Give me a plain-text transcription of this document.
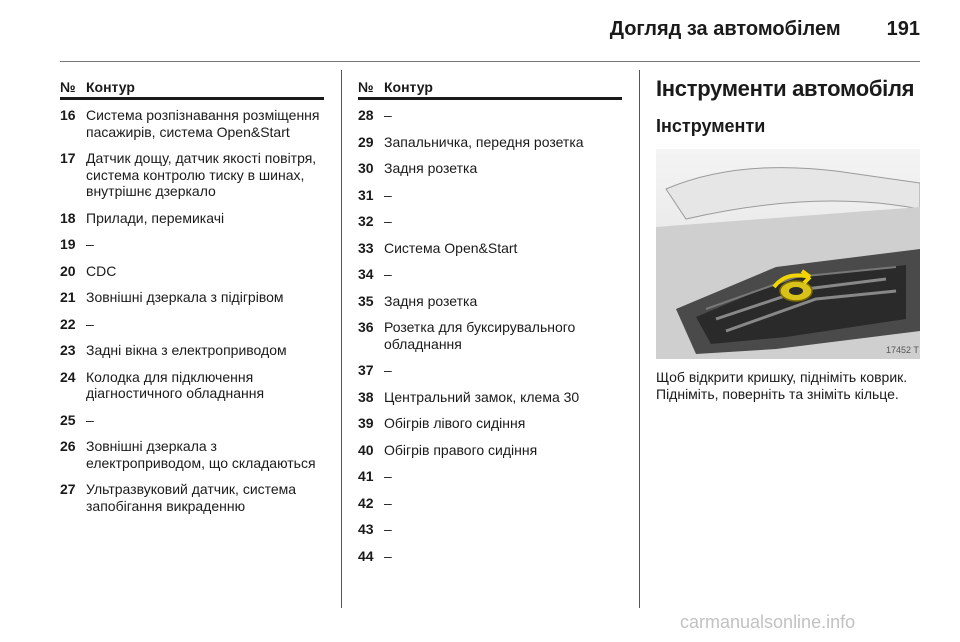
Догляд за автомобілем 191
№ Контур
16 Система розпізнавання розміщення пасажирів, система Open&Start
17 Датчик дощу, датчик якості повітря, система контролю тиску в шинах, внутрішнє дзеркало
18 Прилади, перемикачі
19 –
20 CDC
21 Зовнішні дзеркала з підігрівом
22 –
23 Задні вікна з електроприводом
24 Колодка для підключення діагностичного обладнання
25 –
26 Зовнішні дзеркала з електроприводом, що складаються
27 Ультразвуковий датчик, система запобігання викраденню
№ Контур
28 –
29 Запальничка, передня розетка
30 Задня розетка
31 –
32 –
33 Система Open&Start
34 –
35 Задня розетка
36 Розетка для буксирувального обладнання
37 –
38 Центральний замок, клема 30
39 Обігрів лівого сидіння
40 Обігрів правого сидіння
41 –
42 –
43 –
44 –
Інструменти автомобіля
Інструменти
17452 T
Щоб відкрити кришку, підніміть коврик. Підніміть, поверніть та зніміть кільце.
carmanualsonline.info
